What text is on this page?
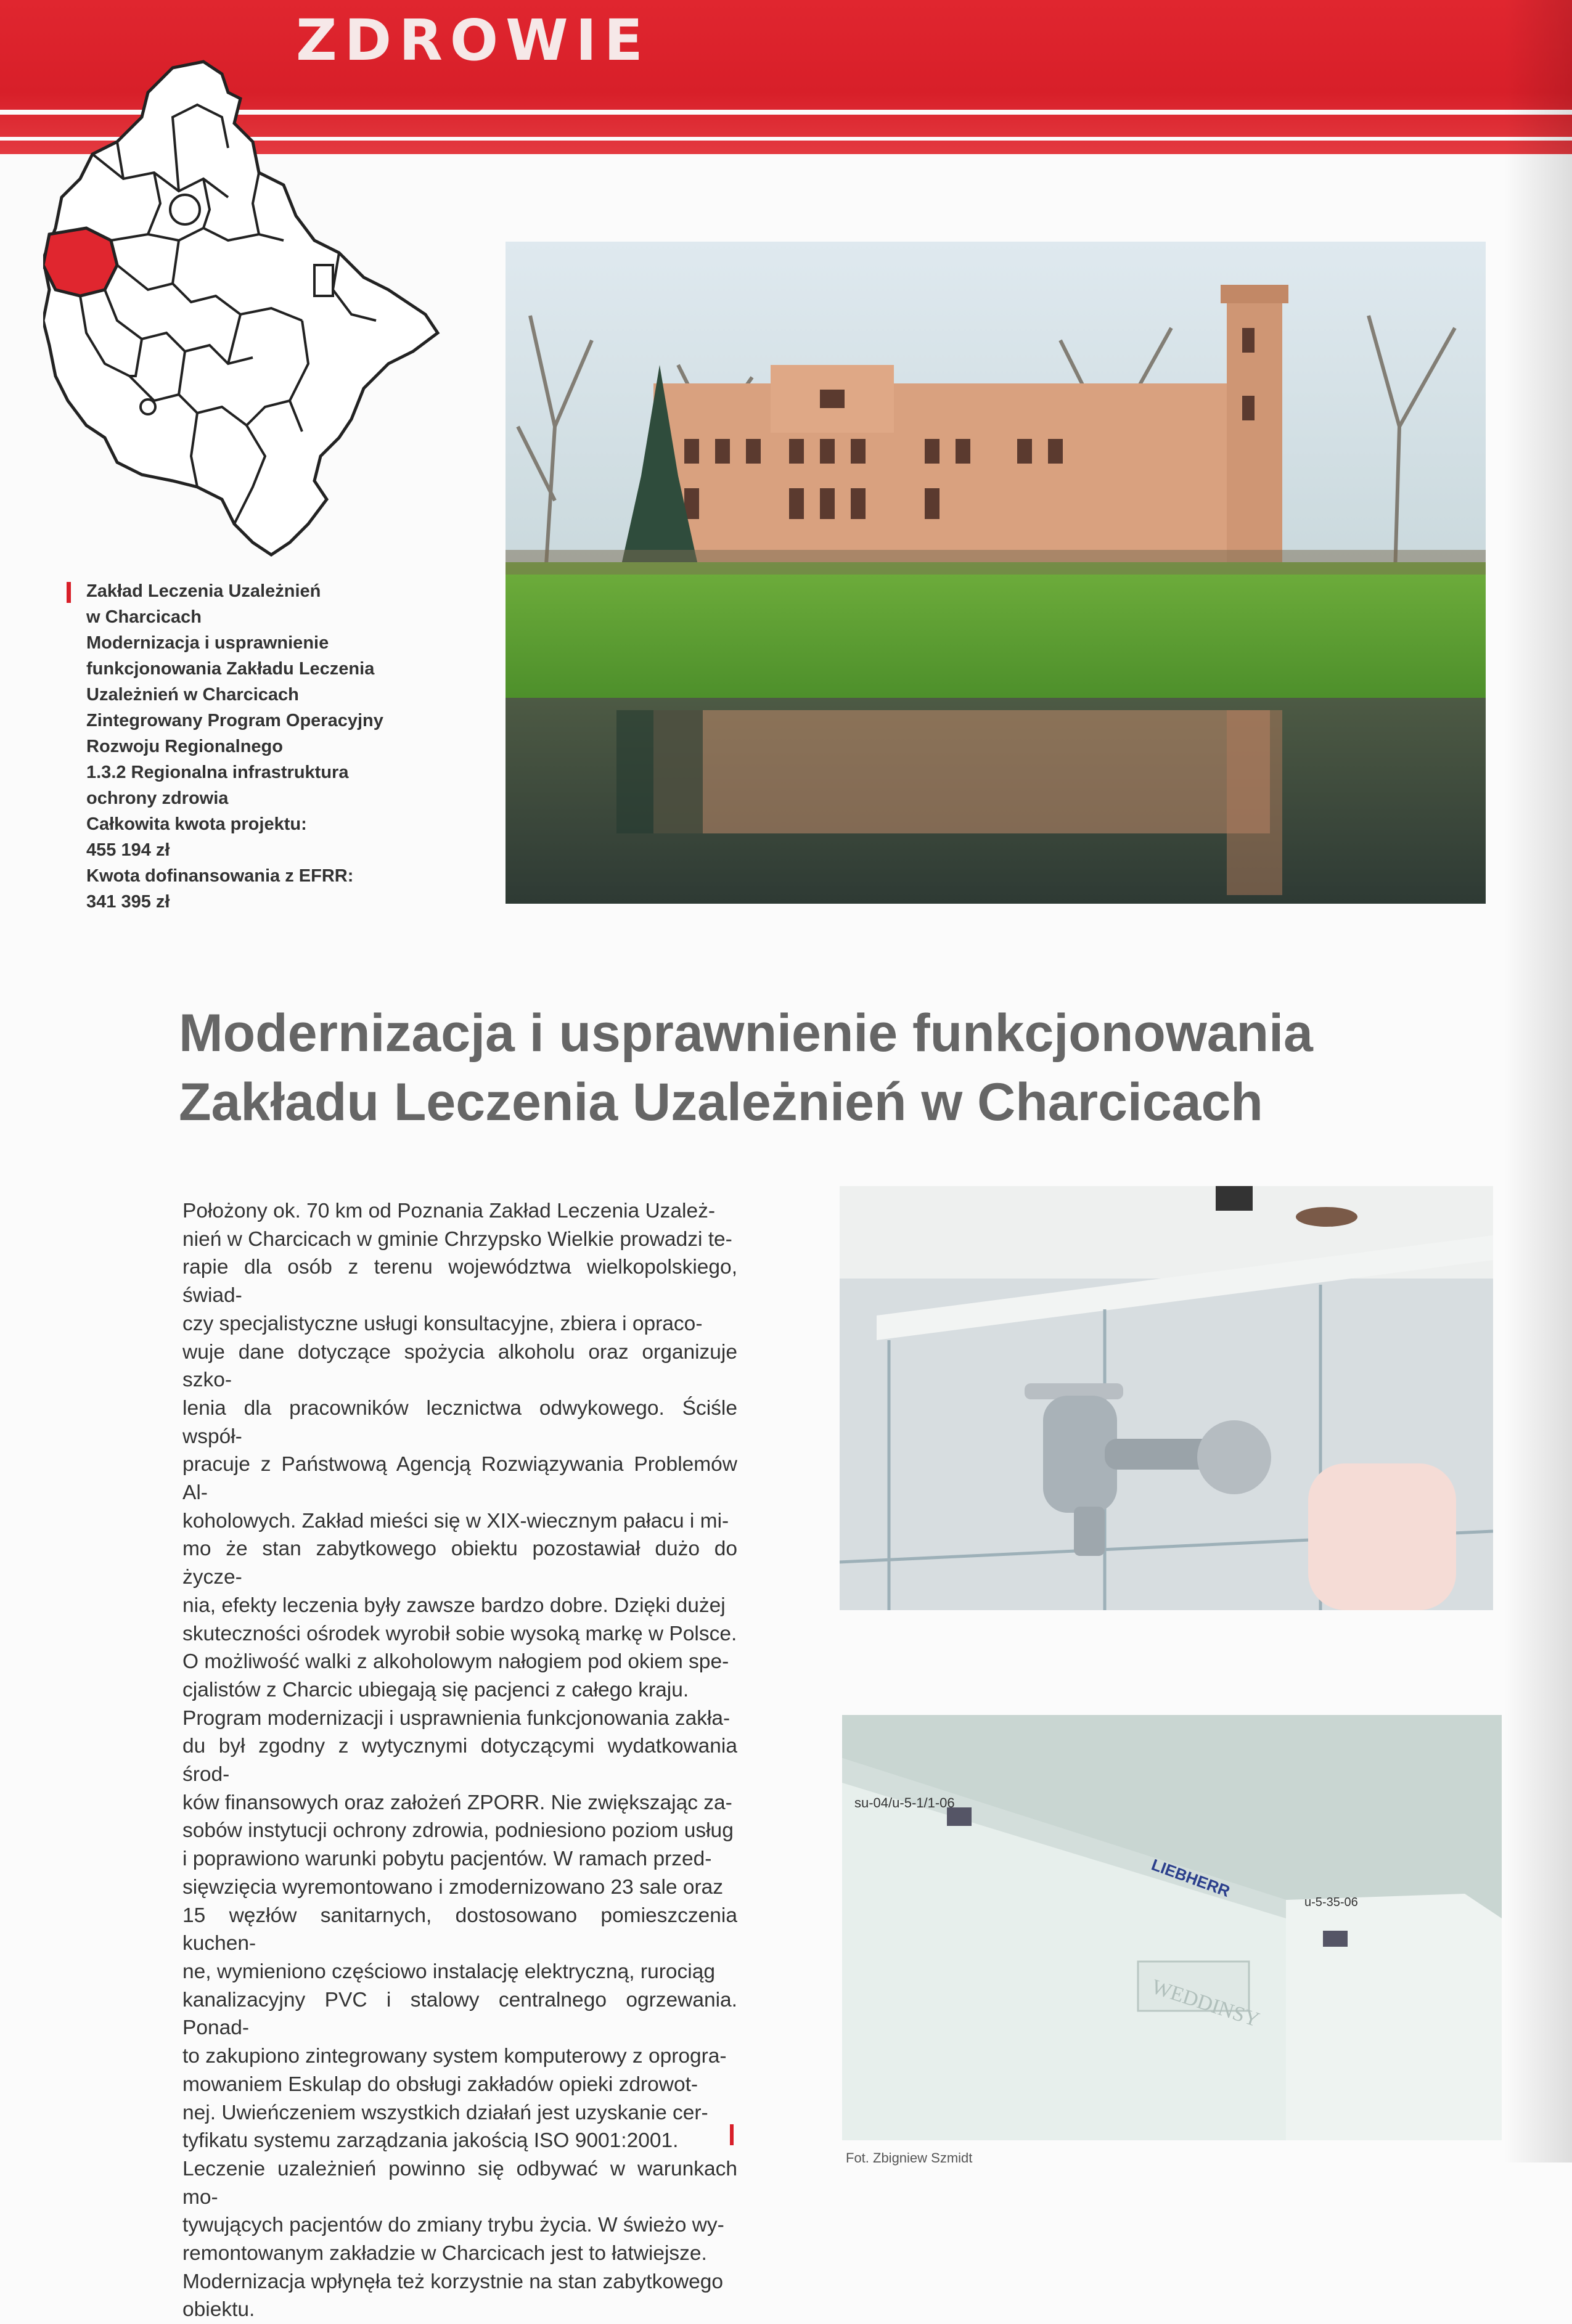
ZDROWIE

Zakład Leczenia Uzależnień

w Charcicach

Modernizacja i usprawnienie

funkcjonowania Zakładu Leczenia

Uzależnień w Charcicach

Zintegrowany Program Operacyjny

Rozwoju Regionalnego

1.3.2 Regionalna infrastruktura

ochrony zdrowia

Całkowita kwota projektu:

455 194 zł

Kwota dofinansowania z EFRR:

341 395 zł

Modernizacja i usprawnienie funkcjonowania

Zakładu Leczenia Uzależnień w Charcicach

Położony ok. 70 km od Poznania Zakład Leczenia Uzależ-

nień w Charcicach w gminie Chrzypsko Wielkie prowadzi te-

rapie dla osób z terenu województwa wielkopolskiego, świad-

czy specjalistyczne usługi konsultacyjne, zbiera i opraco-

wuje dane dotyczące spożycia alkoholu oraz organizuje szko-

lenia dla pracowników lecznictwa odwykowego. Ściśle współ-

pracuje z Państwową Agencją Rozwiązywania Problemów Al-

koholowych. Zakład mieści się w XIX-wiecznym pałacu i mi-

mo że stan zabytkowego obiektu pozostawiał dużo do życze-

nia, efekty leczenia były zawsze bardzo dobre. Dzięki dużej

skuteczności ośrodek wyrobił sobie wysoką markę w Polsce.

O możliwość walki z alkoholowym nałogiem pod okiem spe-

cjalistów z Charcic ubiegają się pacjenci z całego kraju.

Program modernizacji i usprawnienia funkcjonowania zakła-

du był zgodny z wytycznymi dotyczącymi wydatkowania środ-

ków finansowych oraz założeń ZPORR. Nie zwiększając za-

sobów instytucji ochrony zdrowia, podniesiono poziom usług

i poprawiono warunki pobytu pacjentów. W ramach przed-

sięwzięcia wyremontowano i zmodernizowano 23 sale oraz

15 węzłów sanitarnych, dostosowano pomieszczenia kuchen-

ne, wymieniono częściowo instalację elektryczną, rurociąg

kanalizacyjny PVC i stalowy centralnego ogrzewania. Ponad-

to zakupiono zintegrowany system komputerowy z oprogra-

mowaniem Eskulap do obsługi zakładów opieki zdrowot-

nej. Uwieńczeniem wszystkich działań jest uzyskanie cer-

tyfikatu systemu zarządzania jakością ISO 9001:2001.

Leczenie uzależnień powinno się odbywać w warunkach mo-

tywujących pacjentów do zmiany trybu życia. W świeżo wy-

remontowanym zakładzie w Charcicach jest to łatwiejsze.

Modernizacja wpłynęła też korzystnie na stan zabytkowego

obiektu.

su-04/u-5-1/1-06
u-5-35-06
LIEBHERR
WEDDINSY
Fot. Zbigniew Szmidt
